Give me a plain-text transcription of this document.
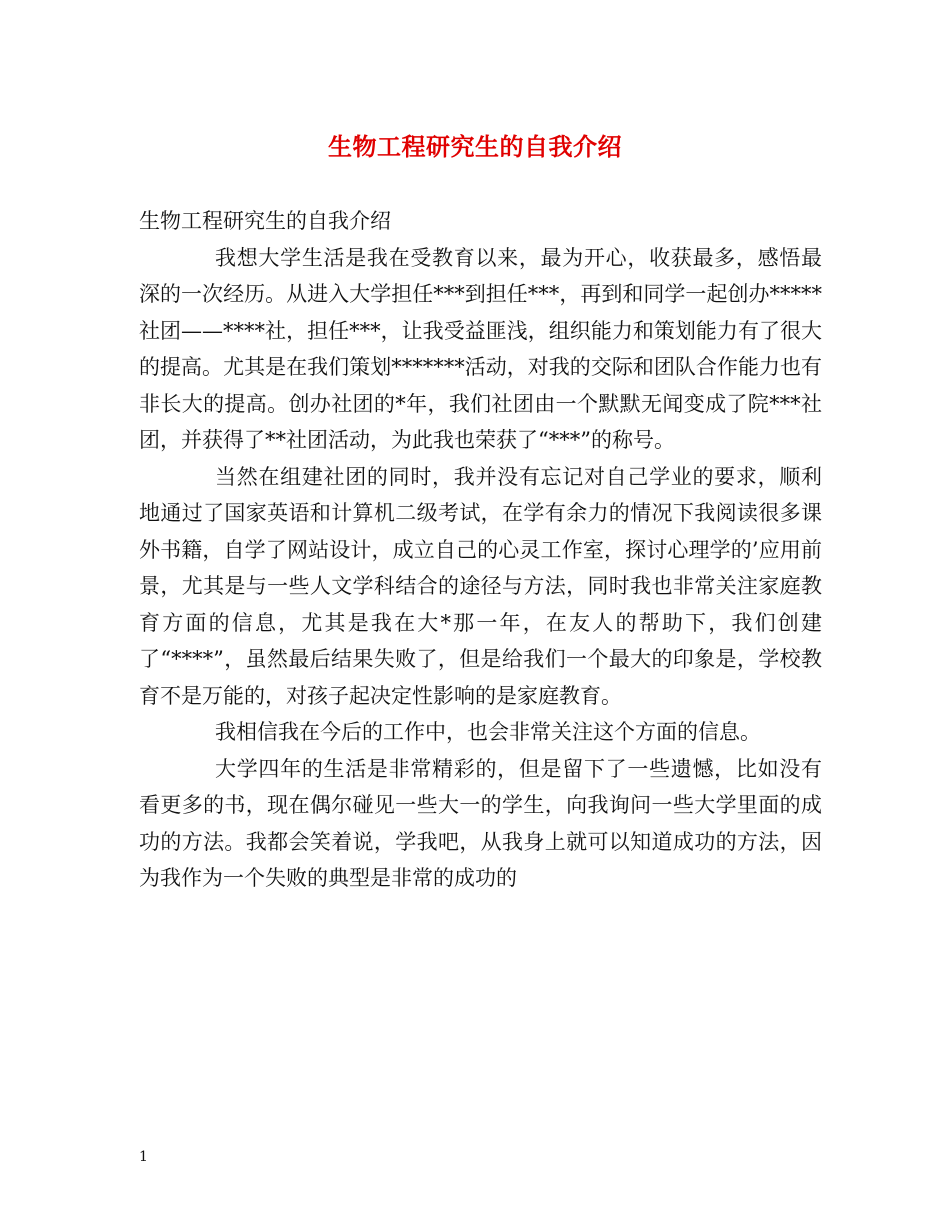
生物工程研究生的自我介绍

生物工程研究生的自我介绍

我想大学生活是我在受教育以来，最为开心，收获最多，感悟最深的一次经历。从进入大学担任***到担任***，再到和同学一起创办*****社团——****社，担任***，让我受益匪浅，组织能力和策划能力有了很大的提高。尤其是在我们策划*******活动，对我的交际和团队合作能力也有非长大的提高。创办社团的*年，我们社团由一个默默无闻变成了院***社团，并获得了**社团活动，为此我也荣获了“***”的称号。

当然在组建社团的同时，我并没有忘记对自己学业的要求，顺利地通过了国家英语和计算机二级考试，在学有余力的情况下我阅读很多课外书籍，自学了网站设计，成立自己的心灵工作室，探讨心理学的’应用前景，尤其是与一些人文学科结合的途径与方法，同时我也非常关注家庭教育方面的信息，尤其是我在大*那一年，在友人的帮助下，我们创建了“****”，虽然最后结果失败了，但是给我们一个最大的印象是，学校教育不是万能的，对孩子起决定性影响的是家庭教育。

我相信我在今后的工作中，也会非常关注这个方面的信息。

大学四年的生活是非常精彩的，但是留下了一些遗憾，比如没有看更多的书，现在偶尔碰见一些大一的学生，向我询问一些大学里面的成功的方法。我都会笑着说，学我吧，从我身上就可以知道成功的方法，因为我作为一个失败的典型是非常的成功的

1
